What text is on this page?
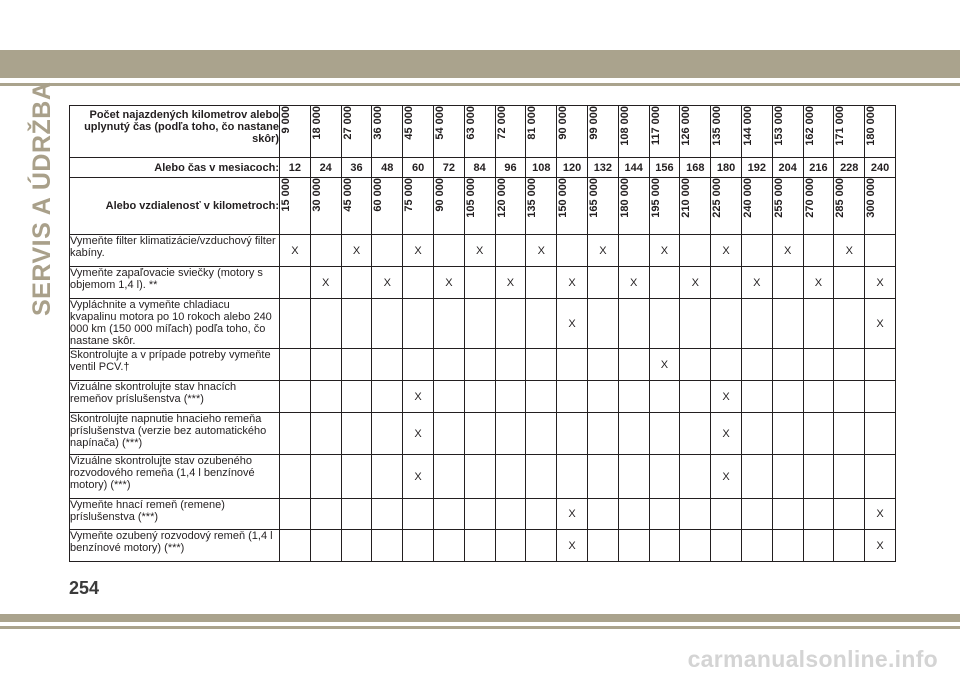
SERVIS A ÚDRŽBA	Počet najazdených kilometrov alebo uplynutý čas (podľa toho, čo nastane skôr)	9 000	18 000	27 000	36 000	45 000	54 000	63 000	72 000	81 000	90 000	99 000	108 000	117 000	126 000	135 000	144 000	153 000	162 000	171 000	180 000
Alebo čas v mesiacoch:	12	24	36	48	60	72	84	96	108	120	132	144	156	168	180	192	204	216	228	240
Alebo vzdialenosť v kilometroch:	15 000	30 000	45 000	60 000	75 000	90 000	105 000	120 000	135 000	150 000	165 000	180 000	195 000	210 000	225 000	240 000	255 000	270 000	285 000	300 000
Vymeňte filter klimatizácie/vzduchový filter kabíny.	X		X		X		X		X		X		X		X		X		X	
Vymeňte zapaľovacie sviečky (motory s objemom 1,4 l). **		X		X		X		X		X		X		X		X		X		X
Vypláchnite a vymeňte chladiacu kvapalinu motora po 10 rokoch alebo 240 000 km (150 000 míľach) podľa toho, čo nastane skôr.										X										X
Skontrolujte a v prípade potreby vymeňte ventil PCV.†													X							
Vizuálne skontrolujte stav hnacích remeňov príslušenstva (***)					X										X					
Skontrolujte napnutie hnacieho remeňa príslušenstva (verzie bez automatického napínača) (***)					X										X					
Vizuálne skontrolujte stav ozubeného rozvodového remeňa (1,4 l benzínové motory) (***)					X										X					
Vymeňte hnací remeň (remene) príslušenstva (***)										X										X
Vymeňte ozubený rozvodový remeň (1,4 l benzínové motory) (***)										X										X
254
carmanualsonline.info
